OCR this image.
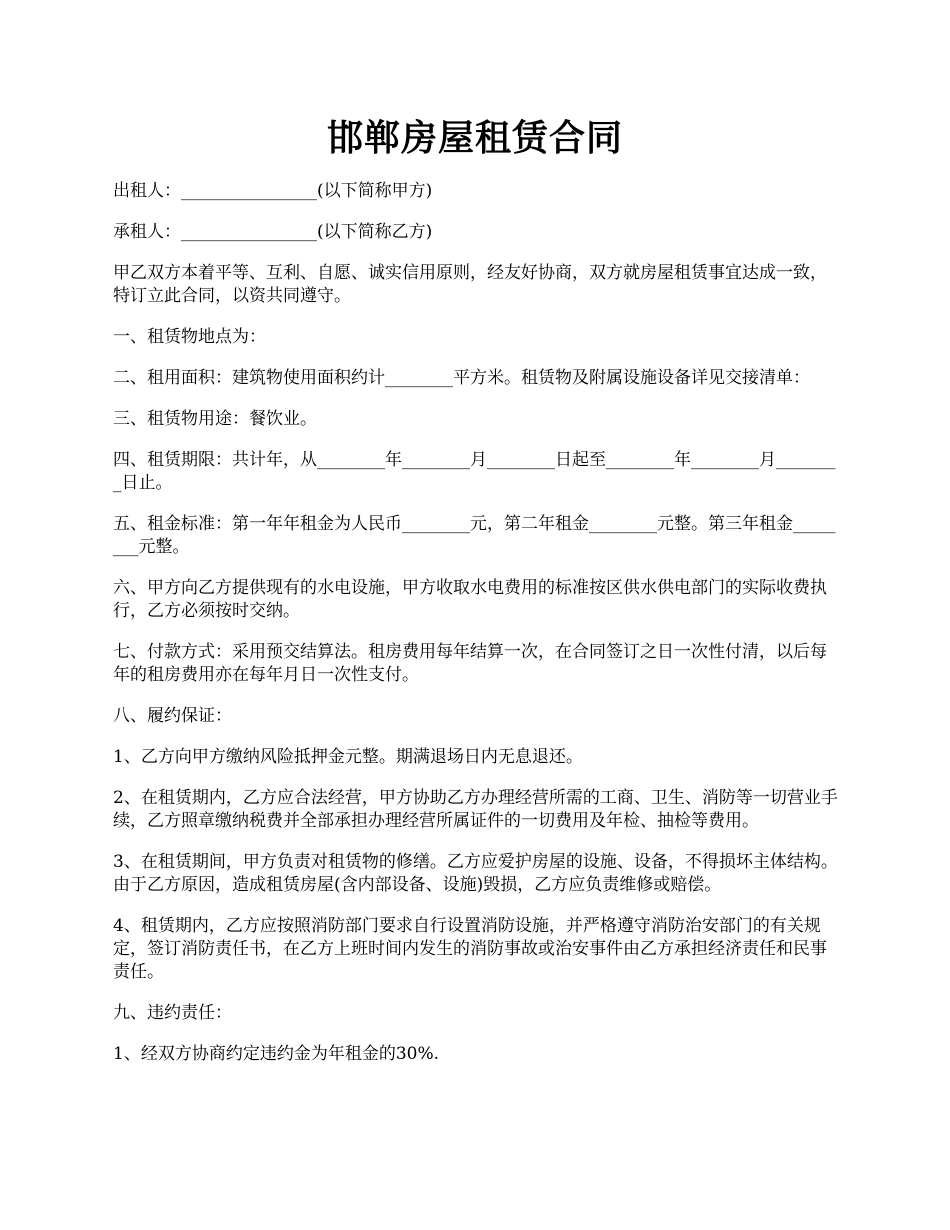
邯郸房屋租赁合同

出租人：________________(以下简称甲方)

承租人：________________(以下简称乙方)

甲乙双方本着平等、互利、自愿、诚实信用原则，经友好协商，双方就房屋租赁事宜达成一致，特订立此合同，以资共同遵守。

一、租赁物地点为：

二、租用面积：建筑物使用面积约计________平方米。租赁物及附属设施设备详见交接清单：

三、租赁物用途：餐饮业。

四、租赁期限：共计年，从________年________月________日起至________年________月________日止。

五、租金标准：第一年年租金为人民币________元，第二年租金________元整。第三年租金________元整。

六、甲方向乙方提供现有的水电设施，甲方收取水电费用的标准按区供水供电部门的实际收费执行，乙方必须按时交纳。

七、付款方式：采用预交结算法。租房费用每年结算一次，在合同签订之日一次性付清，以后每年的租房费用亦在每年月日一次性支付。

八、履约保证：

1、乙方向甲方缴纳风险抵押金元整。期满退场日内无息退还。

2、在租赁期内，乙方应合法经营，甲方协助乙方办理经营所需的工商、卫生、消防等一切营业手续，乙方照章缴纳税费并全部承担办理经营所属证件的一切费用及年检、抽检等费用。

3、在租赁期间，甲方负责对租赁物的修缮。乙方应爱护房屋的设施、设备，不得损坏主体结构。由于乙方原因，造成租赁房屋(含内部设备、设施)毁损，乙方应负责维修或赔偿。

4、租赁期内，乙方应按照消防部门要求自行设置消防设施，并严格遵守消防治安部门的有关规定，签订消防责任书，在乙方上班时间内发生的消防事故或治安事件由乙方承担经济责任和民事责任。

九、违约责任：

1、经双方协商约定违约金为年租金的30%.
